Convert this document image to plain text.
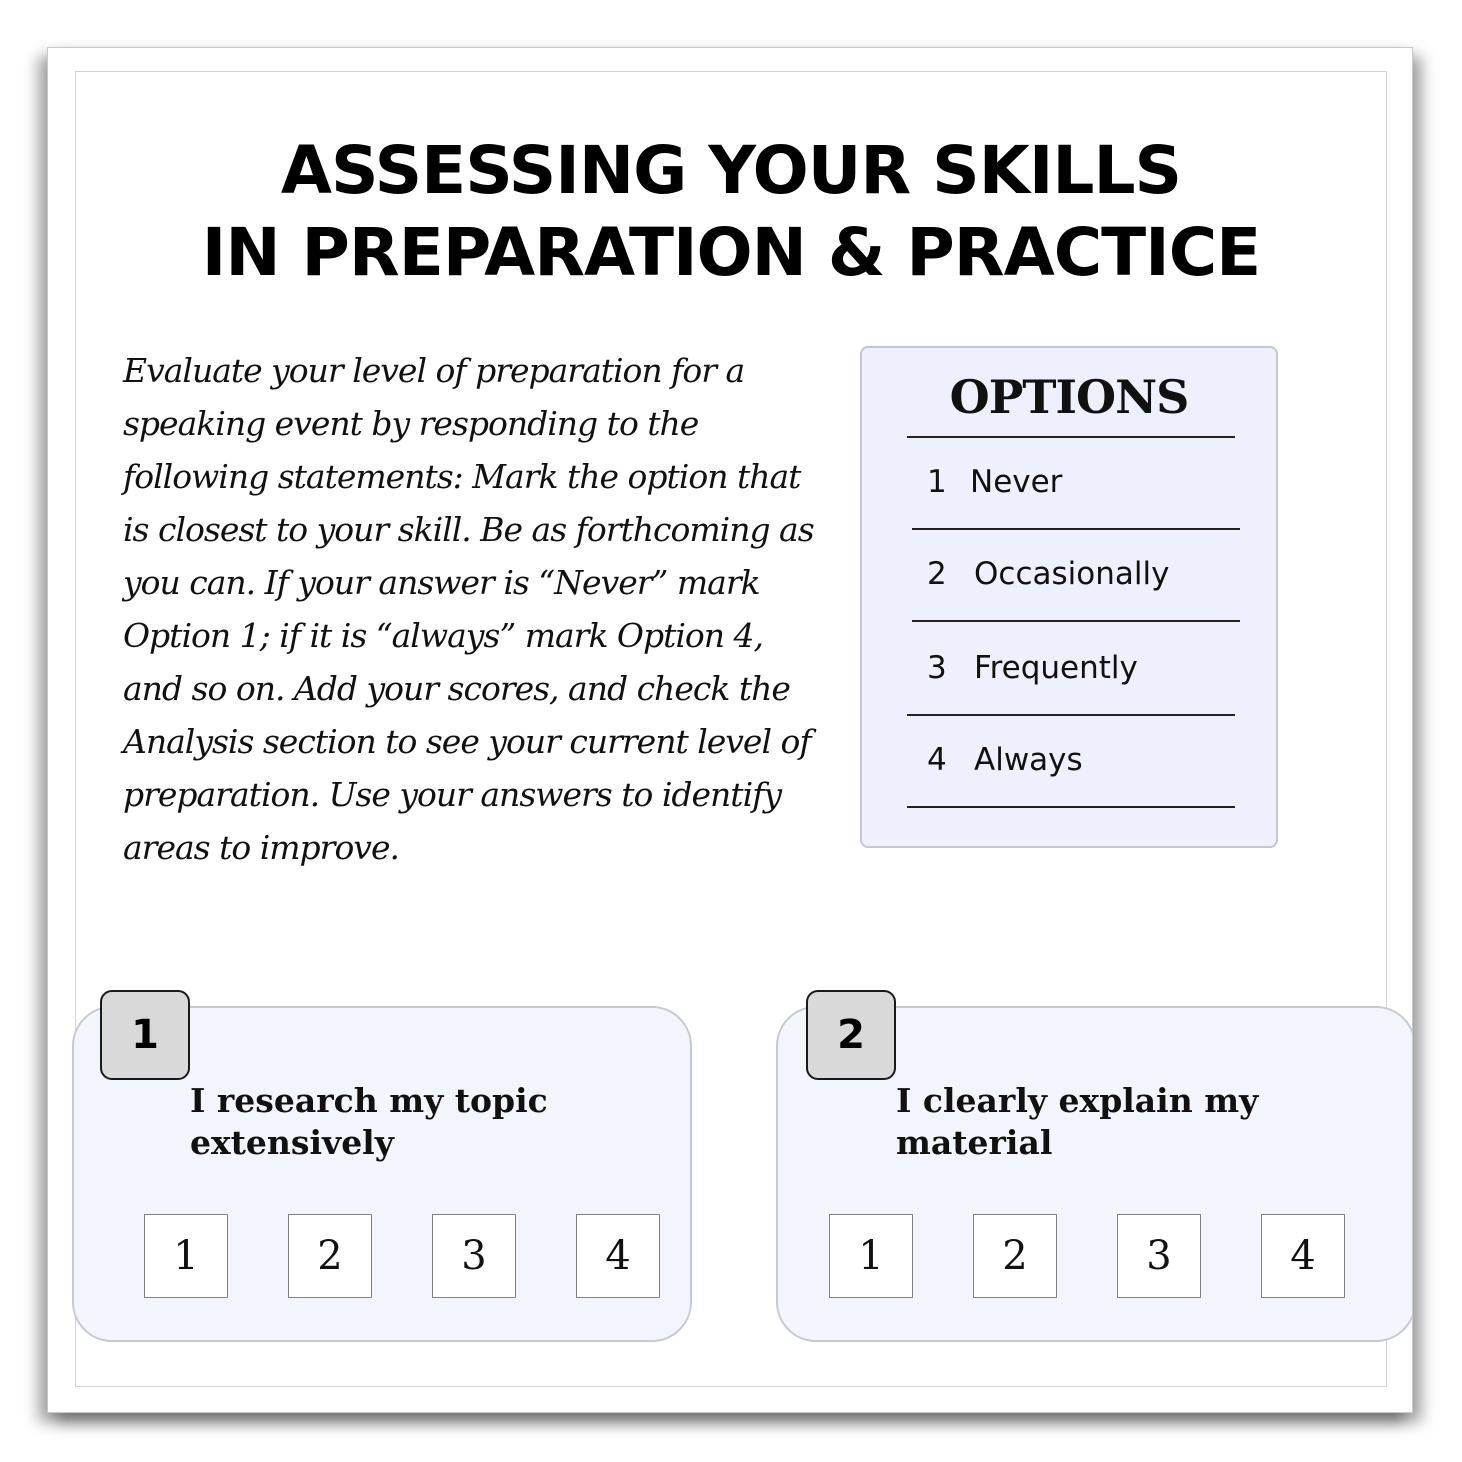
ASSESSING YOUR SKILLS
IN PREPARATION & PRACTICE

Evaluate your level of preparation for a speaking event by responding to the following statements: Mark the option that is closest to your skill. Be as forthcoming as you can. If your answer is “Never” mark Option 1; if it is “always” mark Option 4, and so on. Add your scores, and check the Analysis section to see your current level of preparation. Use your answers to identify areas to improve.

OPTIONS
1 Never
2 Occasionally
3 Frequently
4 Always
1

I research my topic extensively

1	2	3	4
2

I clearly explain my material

1	2	3	4
